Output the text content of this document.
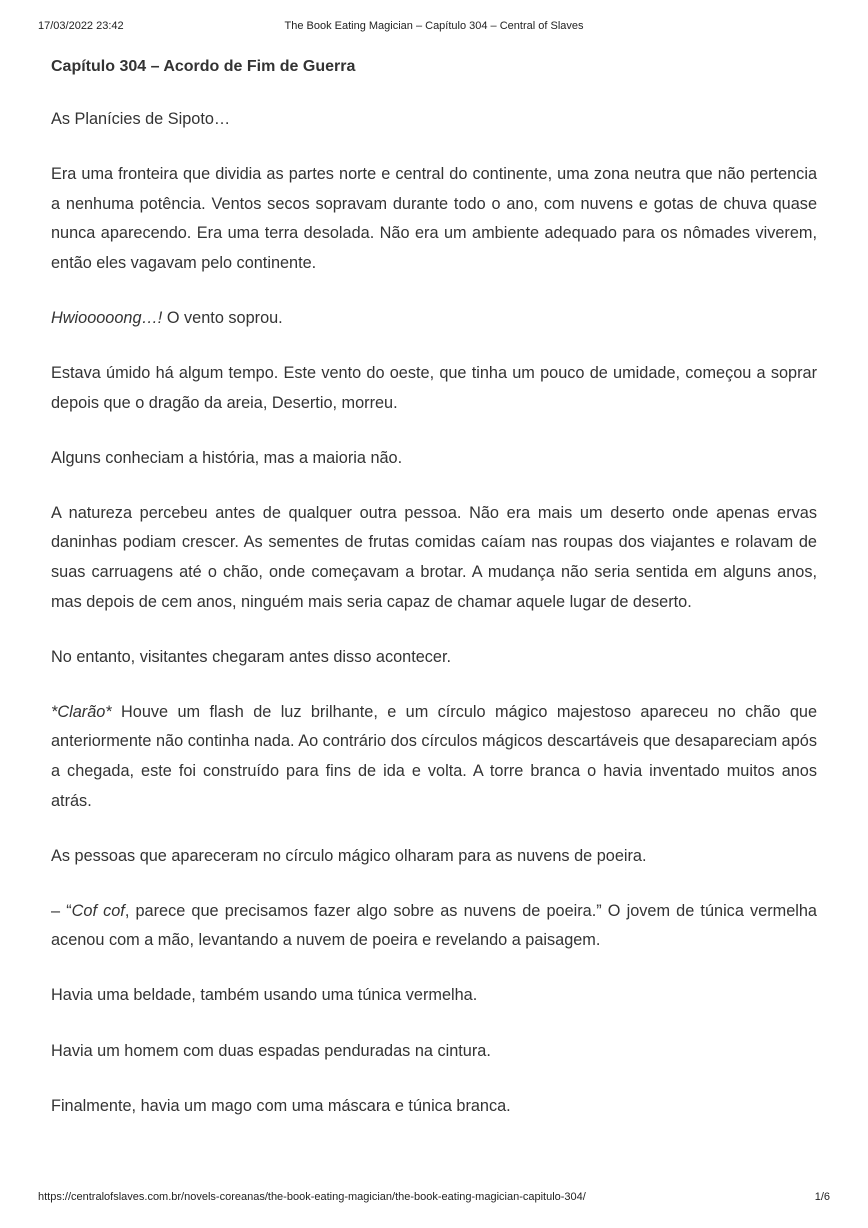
17/03/2022 23:42	The Book Eating Magician – Capítulo 304 – Central of Slaves
Capítulo 304 – Acordo de Fim de Guerra

As Planícies de Sipoto…

Era uma fronteira que dividia as partes norte e central do continente, uma zona neutra que não pertencia a nenhuma potência. Ventos secos sopravam durante todo o ano, com nuvens e gotas de chuva quase nunca aparecendo. Era uma terra desolada. Não era um ambiente adequado para os nômades viverem, então eles vagavam pelo continente.

Hwiooooong…! O vento soprou.

Estava úmido há algum tempo. Este vento do oeste, que tinha um pouco de umidade, começou a soprar depois que o dragão da areia, Desertio, morreu.

Alguns conheciam a história, mas a maioria não.

A natureza percebeu antes de qualquer outra pessoa. Não era mais um deserto onde apenas ervas daninhas podiam crescer. As sementes de frutas comidas caíam nas roupas dos viajantes e rolavam de suas carruagens até o chão, onde começavam a brotar. A mudança não seria sentida em alguns anos, mas depois de cem anos, ninguém mais seria capaz de chamar aquele lugar de deserto.

No entanto, visitantes chegaram antes disso acontecer.

*Clarão* Houve um flash de luz brilhante, e um círculo mágico majestoso apareceu no chão que anteriormente não continha nada. Ao contrário dos círculos mágicos descartáveis que desapareciam após a chegada, este foi construído para fins de ida e volta. A torre branca o havia inventado muitos anos atrás.

As pessoas que apareceram no círculo mágico olharam para as nuvens de poeira.

– “Cof cof, parece que precisamos fazer algo sobre as nuvens de poeira.” O jovem de túnica vermelha acenou com a mão, levantando a nuvem de poeira e revelando a paisagem.

Havia uma beldade, também usando uma túnica vermelha.

Havia um homem com duas espadas penduradas na cintura.

Finalmente, havia um mago com uma máscara e túnica branca.

https://centralofslaves.com.br/novels-coreanas/the-book-eating-magician/the-book-eating-magician-capitulo-304/	1/6
